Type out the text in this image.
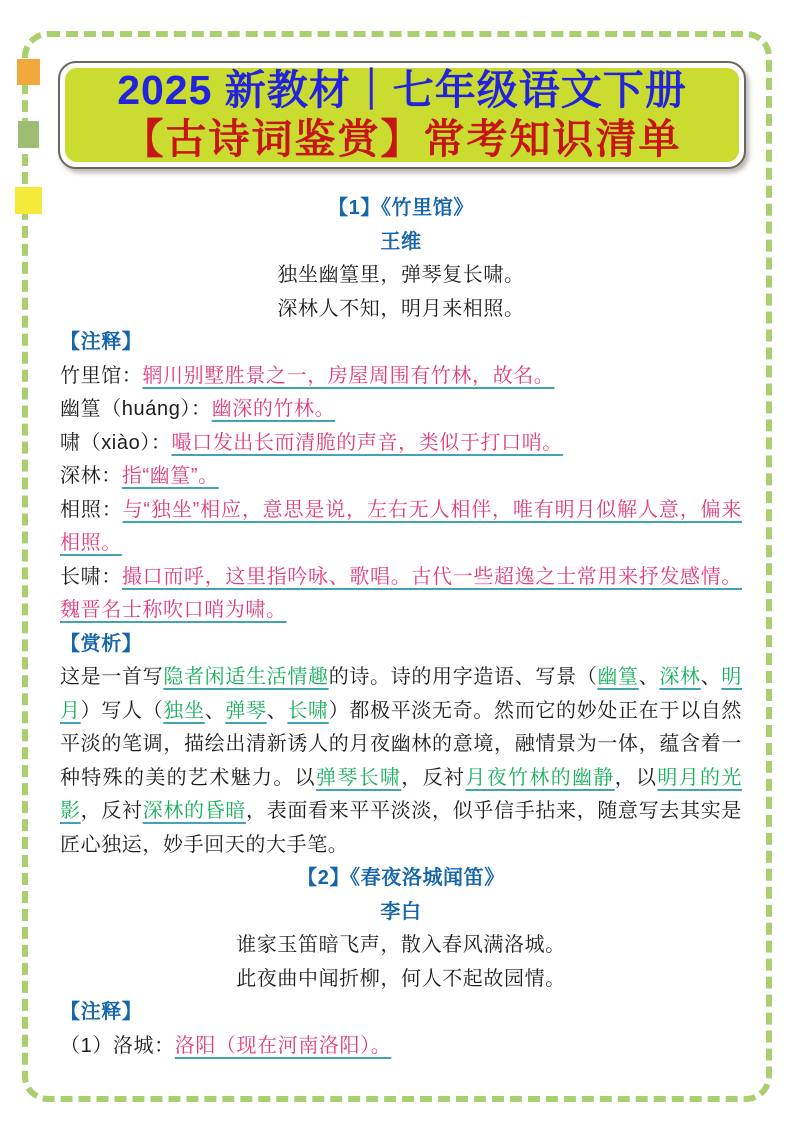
2025 新教材｜七年级语文下册
【古诗词鉴赏】常考知识清单
【1】《竹里馆》
王维
独坐幽篁里，弹琴复长啸。
深林人不知，明月来相照。
【注释】
竹里馆：辋川别墅胜景之一，房屋周围有竹林，故名。
幽篁（huáng）：幽深的竹林。
啸（xiào）：嘬口发出长而清脆的声音，类似于打口哨。
深林：指“幽篁”。
相照：与“独坐”相应，意思是说，左右无人相伴，唯有明月似解人意，偏来相照。
长啸：撮口而呼，这里指吟咏、歌唱。古代一些超逸之士常用来抒发感情。魏晋名士称吹口哨为啸。
【赏析】
这是一首写隐者闲适生活情趣的诗。诗的用字造语、写景（幽篁、深林、明月）写人（独坐、弹琴、长啸）都极平淡无奇。然而它的妙处正在于以自然平淡的笔调，描绘出清新诱人的月夜幽林的意境，融情景为一体，蕴含着一种特殊的美的艺术魅力。以弹琴长啸，反衬月夜竹林的幽静，以明月的光影，反衬深林的昏暗，表面看来平平淡淡，似乎信手拈来，随意写去其实是匠心独运，妙手回天的大手笔。
【2】《春夜洛城闻笛》
李白
谁家玉笛暗飞声，散入春风满洛城。
此夜曲中闻折柳，何人不起故园情。
【注释】
（1）洛城：洛阳（现在河南洛阳）。
